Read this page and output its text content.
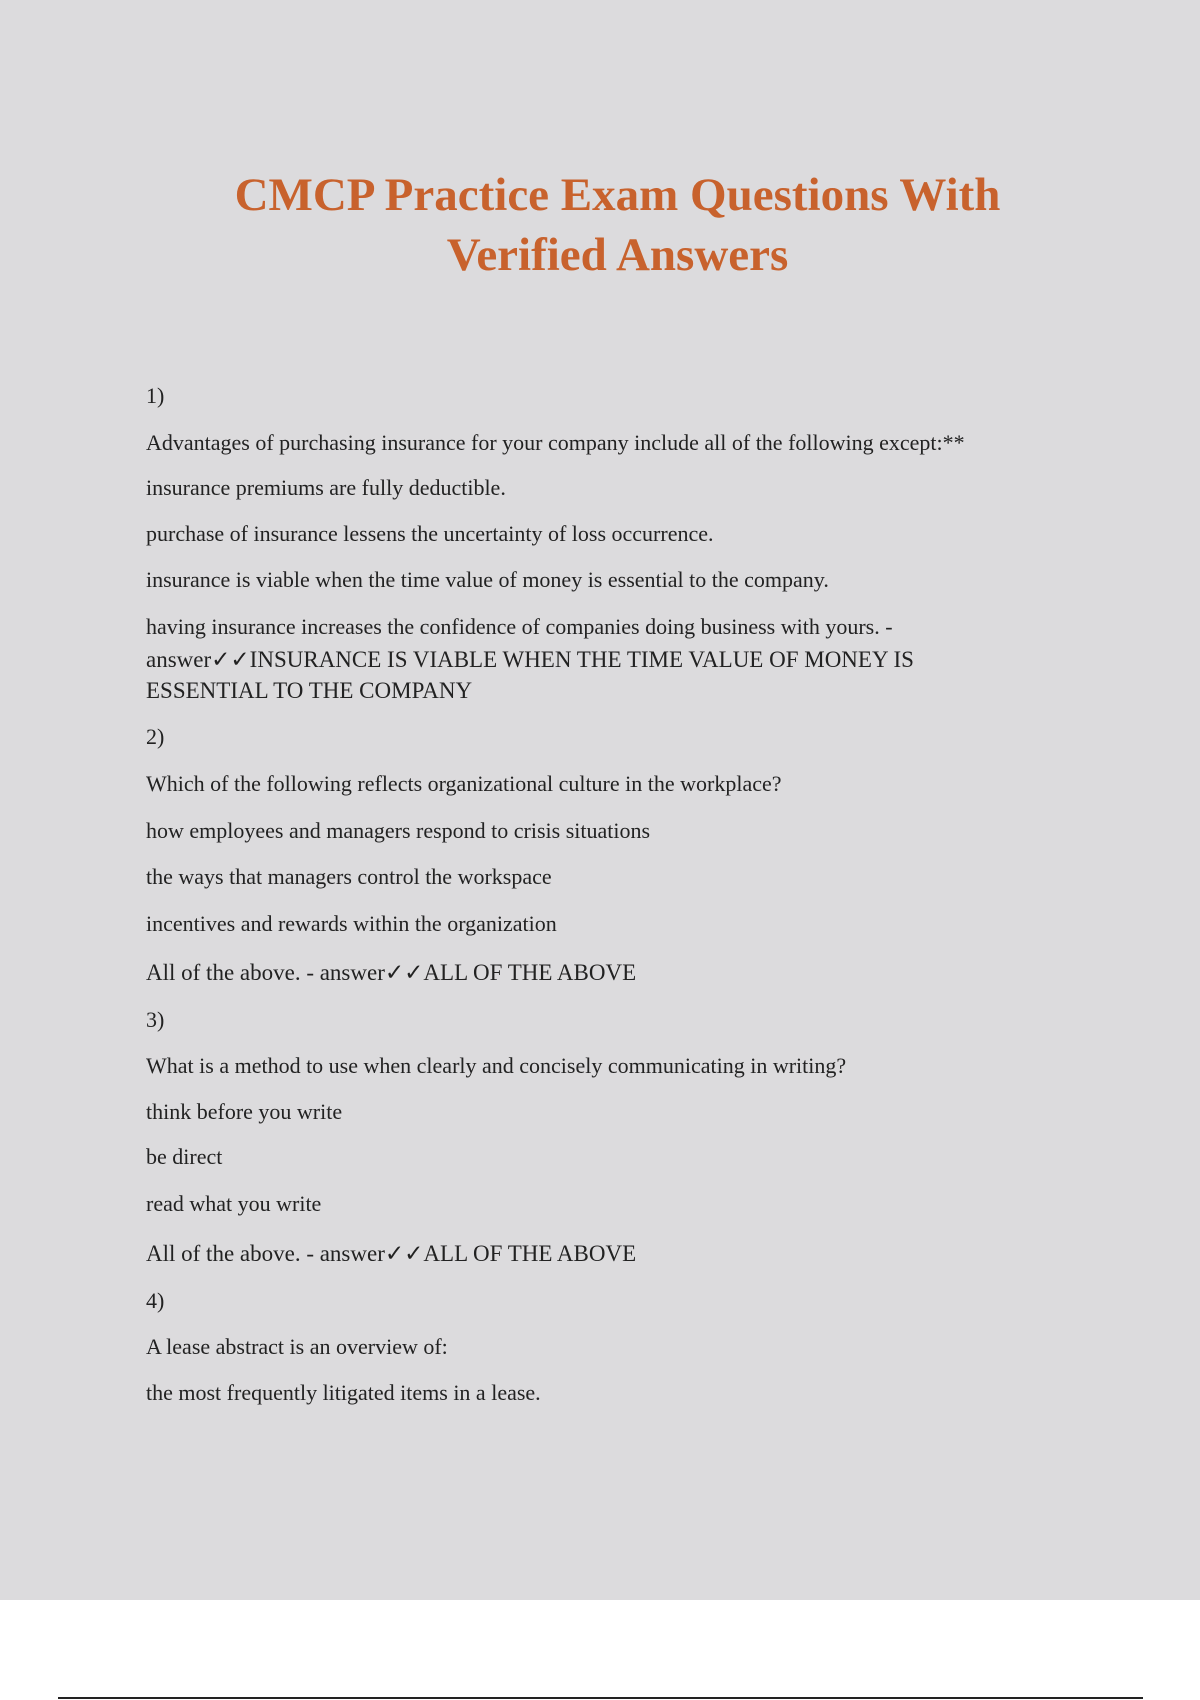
CMCP Practice Exam Questions With
Verified Answers
1)
Advantages of purchasing insurance for your company include all of the following except:**
insurance premiums are fully deductible.
purchase of insurance lessens the uncertainty of loss occurrence.
insurance is viable when the time value of money is essential to the company.
having insurance increases the confidence of companies doing business with yours. -
answer✓✓INSURANCE IS VIABLE WHEN THE TIME VALUE OF MONEY IS
ESSENTIAL TO THE COMPANY
2)
Which of the following reflects organizational culture in the workplace?
how employees and managers respond to crisis situations
the ways that managers control the workspace
incentives and rewards within the organization
All of the above. - answer✓✓ALL OF THE ABOVE
3)
What is a method to use when clearly and concisely communicating in writing?
think before you write
be direct
read what you write
All of the above. - answer✓✓ALL OF THE ABOVE
4)
A lease abstract is an overview of:
the most frequently litigated items in a lease.
